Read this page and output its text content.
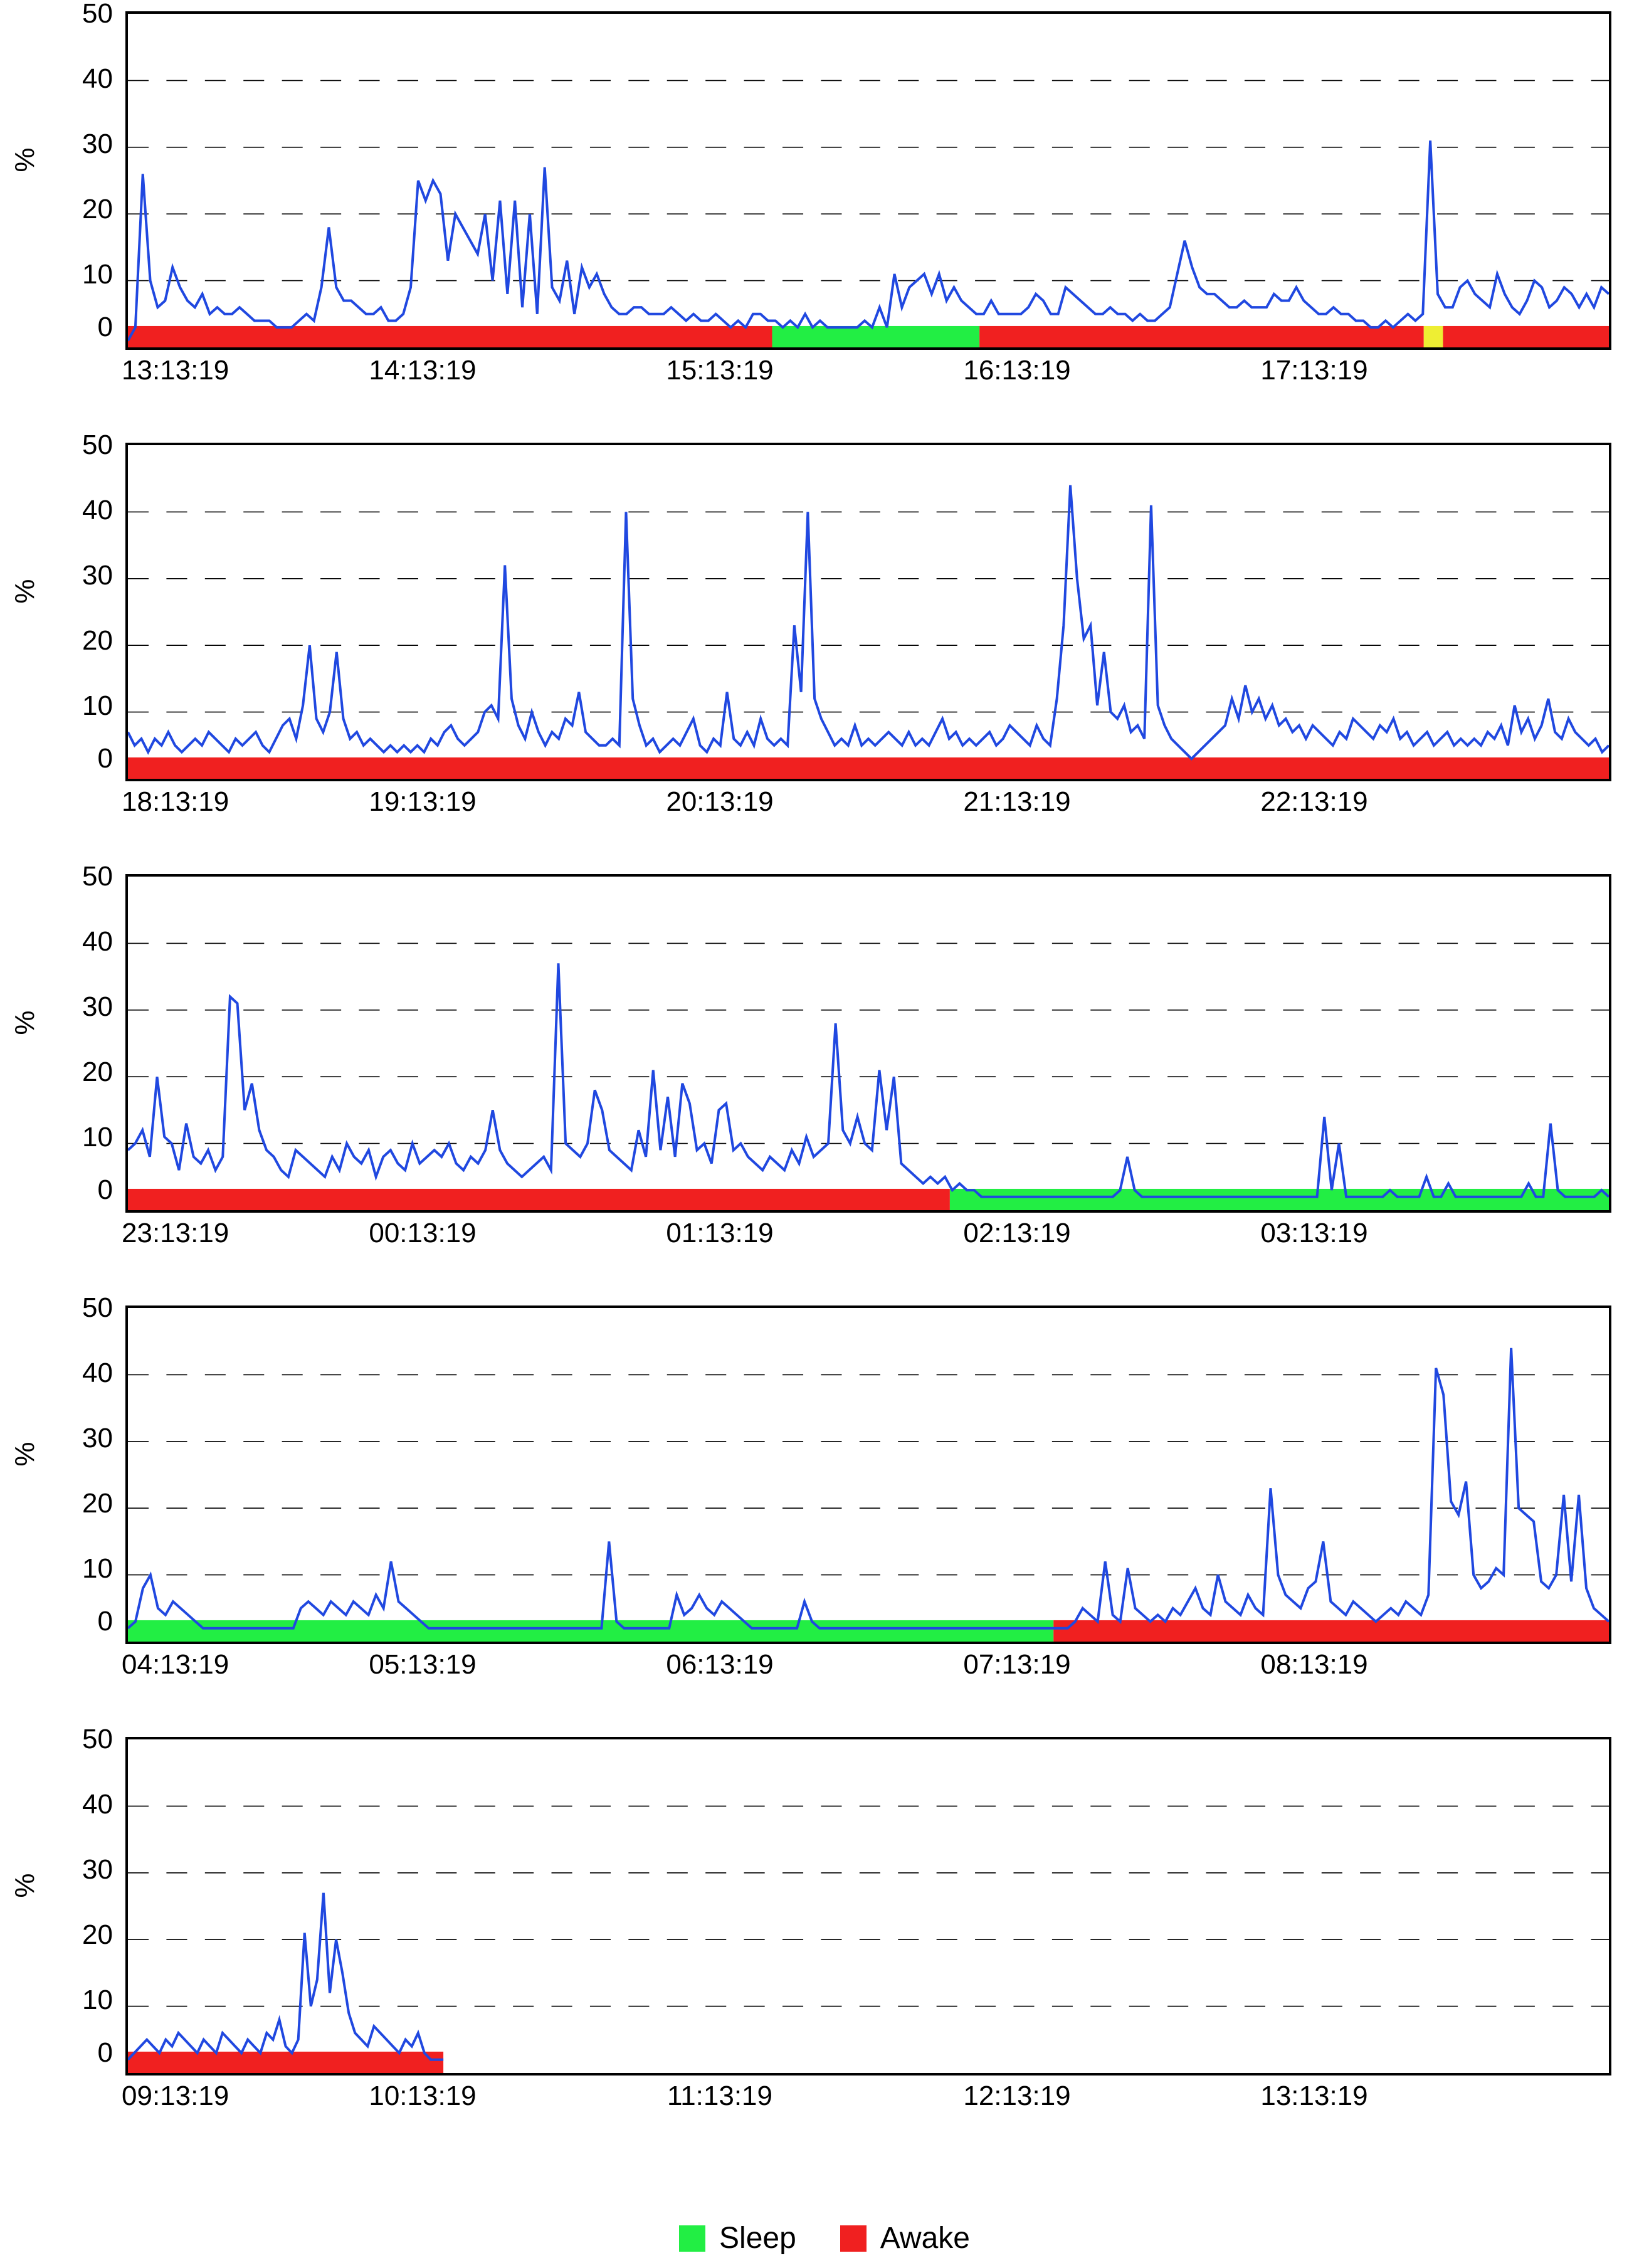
%
50
40
30
20
10
0
13:13:19	14:13:19	15:13:19	16:13:19	17:13:19
%
50
40
30
20
10
0
18:13:19	19:13:19	20:13:19	21:13:19	22:13:19
%
50
40
30
20
10
0
23:13:19	00:13:19	01:13:19	02:13:19	03:13:19
%
50
40
30
20
10
0
04:13:19	05:13:19	06:13:19	07:13:19	08:13:19
%
50
40
30
20
10
0
09:13:19	10:13:19	11:13:19	12:13:19	13:13:19
Sleep	Awake
